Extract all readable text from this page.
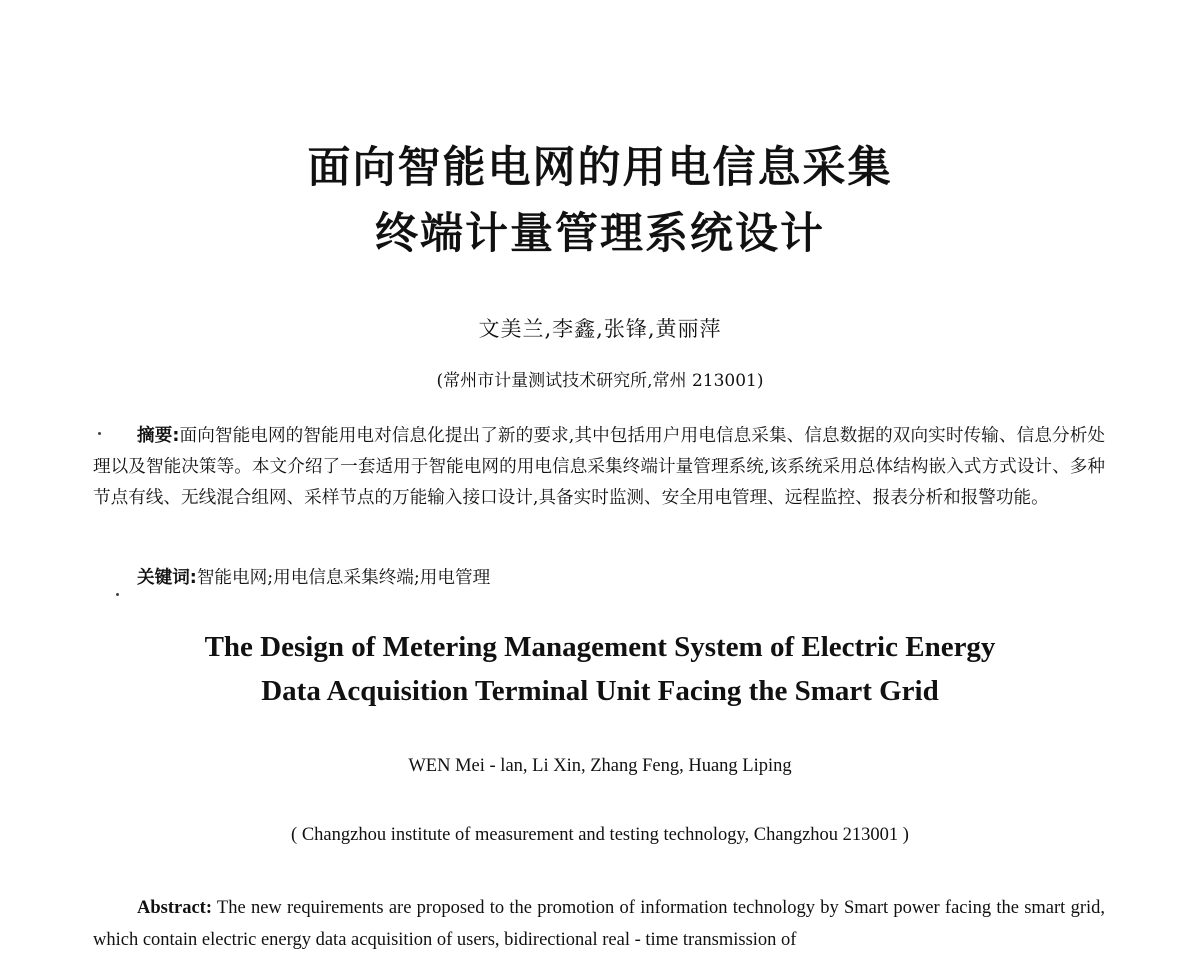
面向智能电网的用电信息采集
终端计量管理系统设计
文美兰,李鑫,张锋,黄丽萍
(常州市计量测试技术研究所,常州 213001)

摘要:面向智能电网的智能用电对信息化提出了新的要求,其中包括用户用电信息采集、信息数据的双向实时传输、信息分析处理以及智能决策等。本文介绍了一套适用于智能电网的用电信息采集终端计量管理系统,该系统采用总体结构嵌入式方式设计、多种节点有线、无线混合组网、采样节点的万能输入接口设计,具备实时监测、安全用电管理、远程监控、报表分析和报警功能。

关键词:智能电网;用电信息采集终端;用电管理
The Design of Metering Management System of Electric Energy
Data Acquisition Terminal Unit Facing the Smart Grid
WEN Mei - lan, Li Xin, Zhang Feng, Huang Liping
( Changzhou institute of measurement and testing technology, Changzhou 213001 )

Abstract: The new requirements are proposed to the promotion of information technology by Smart power facing the smart grid, which contain electric energy data acquisition of users, bidirectional real - time transmission of
